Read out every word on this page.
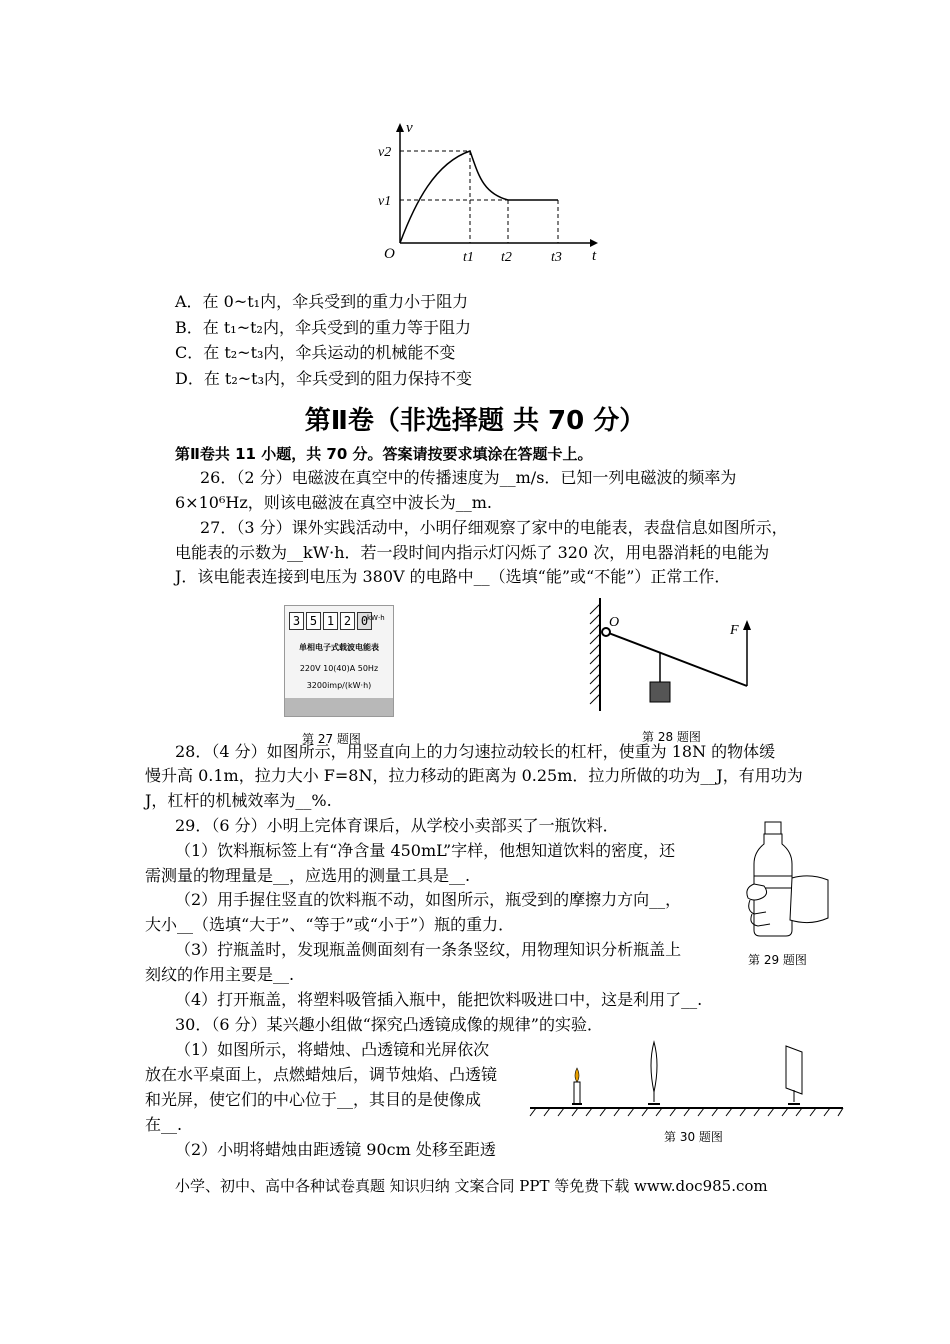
v
t
O
v2
v1
t1 t2	t3
A．在 0~t₁内，伞兵受到的重力小于阻力
B．在 t₁~t₂内，伞兵受到的重力等于阻力
C．在 t₂~t₃内，伞兵运动的机械能不变
D．在 t₂~t₃内，伞兵受到的阻力保持不变
第Ⅱ卷（非选择题 共 70 分）
第Ⅱ卷共 11 小题，共 70 分。答案请按要求填涂在答题卡上。
26．（2 分）电磁波在真空中的传播速度为__m/s．已知一列电磁波的频率为
6×10⁶Hz，则该电磁波在真空中波长为__m.
27．（3 分）课外实践活动中，小明仔细观察了家中的电能表，表盘信息如图所示，
电能表的示数为__kW·h．若一段时间内指示灯闪烁了 320 次，用电器消耗的电能为
J．该电能表连接到电压为 380V 的电路中__（选填“能”或“不能”）正常工作．
3 5 1 2 0
kW·h
单相电子式载波电能表
220V 10(40)A 50Hz
3200imp/(kW·h)
第 27 题图
O
F
第 28 题图
28．（4 分）如图所示，用竖直向上的力匀速拉动较长的杠杆，使重为 18N 的物体缓
慢升高 0.1m，拉力大小 F=8N，拉力移动的距离为 0.25m．拉力所做的功为__J，有用功为
J，杠杆的机械效率为__%.
29．（6 分）小明上完体育课后，从学校小卖部买了一瓶饮料．
（1）饮料瓶标签上有“净含量 450mL”字样，他想知道饮料的密度，还
需测量的物理量是__，应选用的测量工具是__.
（2）用手握住竖直的饮料瓶不动，如图所示，瓶受到的摩擦力方向__，
大小__（选填“大于”、“等于”或“小于”）瓶的重力．
（3）拧瓶盖时，发现瓶盖侧面刻有一条条竖纹，用物理知识分析瓶盖上
刻纹的作用主要是__.
（4）打开瓶盖，将塑料吸管插入瓶中，能把饮料吸进口中，这是利用了__.
第 29 题图
30．（6 分）某兴趣小组做“探究凸透镜成像的规律”的实验．
（1）如图所示，将蜡烛、凸透镜和光屏依次
放在水平桌面上，点燃蜡烛后，调节烛焰、凸透镜
和光屏，使它们的中心位于__，其目的是使像成
在__.
（2）小明将蜡烛由距透镜 90cm 处移至距透
第 30 题图
小学、初中、高中各种试卷真题 知识归纳 文案合同 PPT 等免费下载 www.doc985.com
